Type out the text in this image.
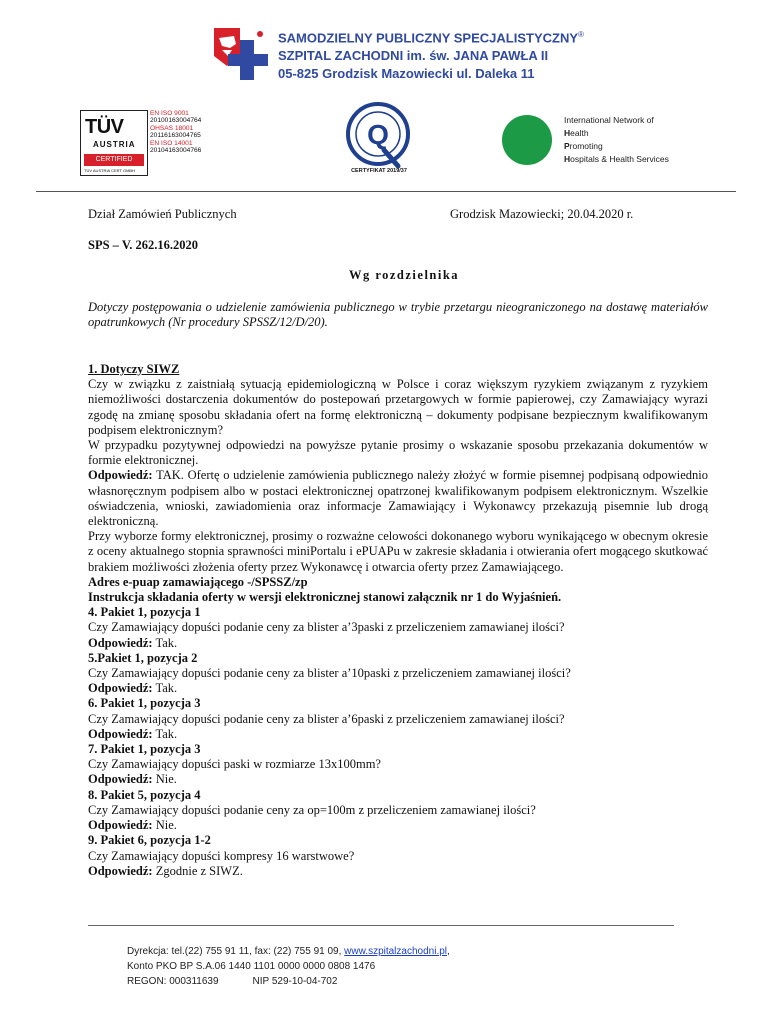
SAMODZIELNY PUBLICZNY SPECJALISTYCZNY®
SZPITAL ZACHODNI im. św. JANA PAWŁA II
05-825 Grodzisk Mazowiecki ul. Daleka 11
TÜV
AUSTRIA
CERTIFIED
TÜV AUSTRIA CERT GMBH
EN ISO 9001
20100163004764
OHSAS 18001
20116163004765
EN ISO 14001
20104163004766
Q
CERTYFIKAT 2019/37
International Network of
Health
Promoting
Hospitals & Health Services
Dział Zamówień Publicznych	Grodzisk Mazowiecki; 20.04.2020 r.
SPS – V. 262.16.2020
Wg rozdzielnika
Dotyczy postępowania o udzielenie zamówienia publicznego w trybie przetargu nieograniczonego na dostawę materiałów opatrunkowych (Nr procedury SPSSZ/12/D/20).

1. Dotyczy SIWZ

Czy w związku z zaistniałą sytuacją epidemiologiczną w Polsce i coraz większym ryzykiem związanym z ryzykiem niemożliwości dostarczenia dokumentów do postepowań przetargowych w formie papierowej, czy Zamawiający wyrazi zgodę na zmianę sposobu składania ofert na formę elektroniczną – dokumenty podpisane bezpiecznym kwalifikowanym podpisem elektronicznym?

W przypadku pozytywnej odpowiedzi na powyższe pytanie prosimy o wskazanie sposobu przekazania dokumentów w formie elektronicznej.

Odpowiedź: TAK. Ofertę o udzielenie zamówienia publicznego należy złożyć w formie pisemnej podpisaną odpowiednio własnoręcznym podpisem albo w postaci elektronicznej opatrzonej kwalifikowanym podpisem elektronicznym. Wszelkie oświadczenia, wnioski, zawiadomienia oraz informacje Zamawiający i Wykonawcy przekazują pisemnie lub drogą elektroniczną.

Przy wyborze formy elektronicznej, prosimy o rozważne celowości dokonanego wyboru wynikającego w obecnym okresie z oceny aktualnego stopnia sprawności miniPortalu i ePUAPu w zakresie składania i otwierania ofert mogącego skutkować brakiem możliwości złożenia oferty przez Wykonawcę i otwarcia oferty przez Zamawiającego.

Adres e-puap zamawiającego -/SPSSZ/zp

Instrukcja składania oferty w wersji elektronicznej stanowi załącznik nr 1 do Wyjaśnień.

4. Pakiet 1, pozycja 1

Czy Zamawiający dopuści podanie ceny za blister a’3paski z przeliczeniem zamawianej ilości?

Odpowiedź: Tak.

5.Pakiet 1, pozycja 2

Czy Zamawiający dopuści podanie ceny za blister a’10paski z przeliczeniem zamawianej ilości?

Odpowiedź: Tak.

6. Pakiet 1, pozycja 3

Czy Zamawiający dopuści podanie ceny za blister a’6paski z przeliczeniem zamawianej ilości?

Odpowiedź: Tak.

7. Pakiet 1, pozycja 3

Czy Zamawiający dopuści paski w rozmiarze 13x100mm?

Odpowiedź: Nie.

8. Pakiet 5, pozycja 4

Czy Zamawiający dopuści podanie ceny za op=100m z przeliczeniem zamawianej ilości?

Odpowiedź: Nie.

9. Pakiet 6, pozycja 1-2

Czy Zamawiający dopuści kompresy 16 warstwowe?

Odpowiedź: Zgodnie z SIWZ.

Dyrekcja: tel.(22) 755 91 11, fax: (22) 755 91 09, www.szpitalzachodni.pl,
Konto PKO BP S.A.06 1440 1101 0000 0000 0808 1476
REGON: 000311639	NIP 529-10-04-702
